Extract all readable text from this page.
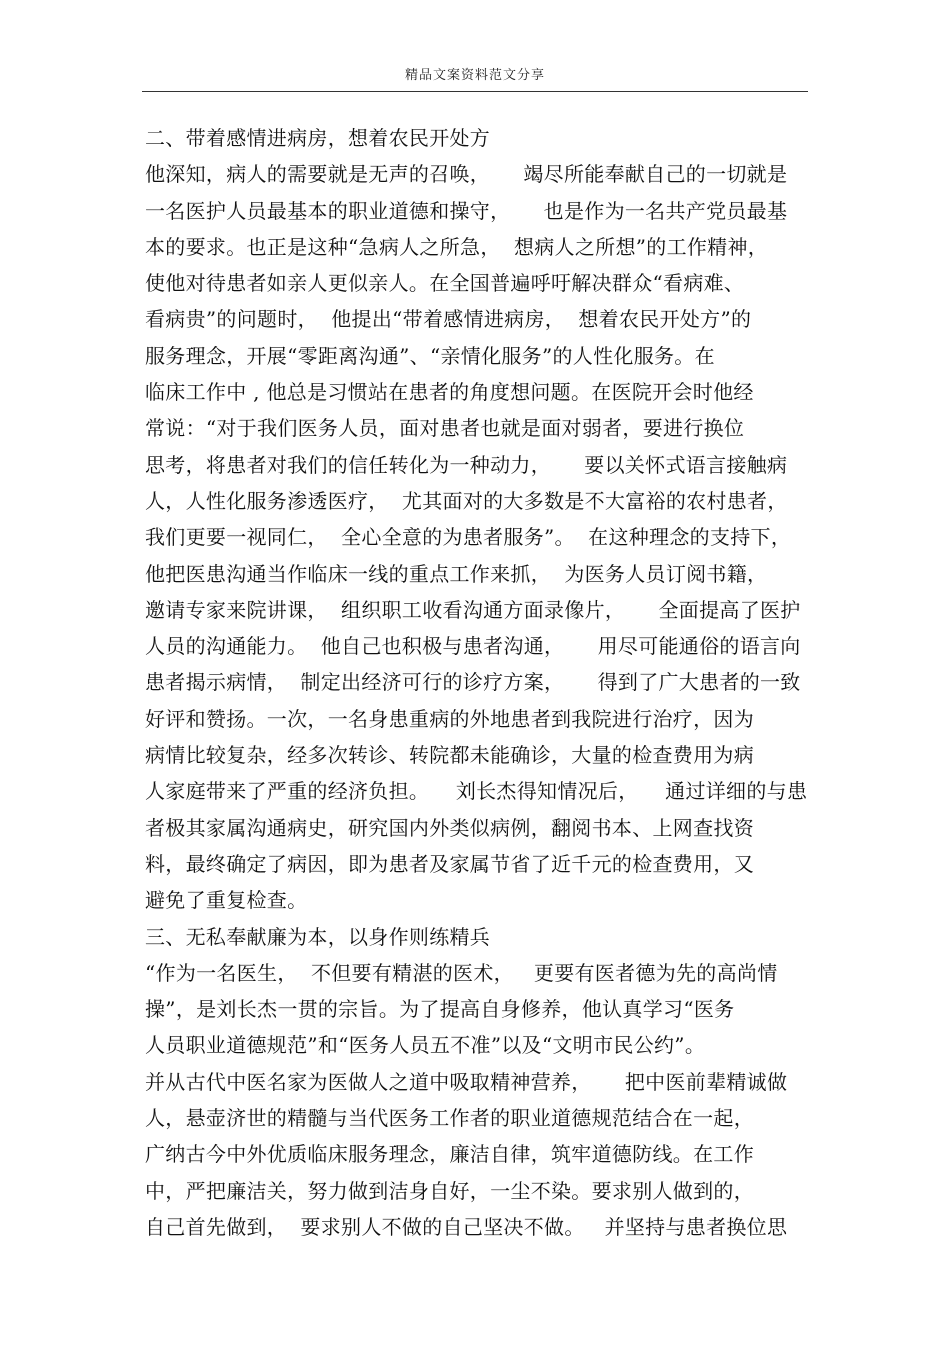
精品文案资料范文分享
二、带着感情进病房，想着农民开处方
他深知，病人的需要就是无声的召唤，     竭尽所能奉献自己的一切就是
一名医护人员最基本的职业道德和操守，     也是作为一名共产党员最基
本的要求。也正是这种“急病人之所急，  想病人之所想”的工作精神，
使他对待患者如亲人更似亲人。在全国普遍呼吁解决群众“看病难、
看病贵”的问题时，  他提出“带着感情进病房，  想着农民开处方”的
服务理念，开展“零距离沟通”、“亲情化服务”的人性化服务。在
临床工作中 , 他总是习惯站在患者的角度想问题。在医院开会时他经
常说：“对于我们医务人员，面对患者也就是面对弱者，要进行换位
思考，将患者对我们的信任转化为一种动力，     要以关怀式语言接触病
人，人性化服务渗透医疗，  尤其面对的大多数是不大富裕的农村患者，
我们更要一视同仁，  全心全意的为患者服务”。  在这种理念的支持下，
他把医患沟通当作临床一线的重点工作来抓，  为医务人员订阅书籍，
邀请专家来院讲课，  组织职工收看沟通方面录像片，     全面提高了医护
人员的沟通能力。  他自己也积极与患者沟通，     用尽可能通俗的语言向
患者揭示病情，  制定出经济可行的诊疗方案，     得到了广大患者的一致
好评和赞扬。一次，一名身患重病的外地患者到我院进行治疗，因为
病情比较复杂，经多次转诊、转院都未能确诊，大量的检查费用为病
人家庭带来了严重的经济负担。    刘长杰得知情况后，    通过详细的与患
者极其家属沟通病史，研究国内外类似病例，翻阅书本、上网查找资
料，最终确定了病因，即为患者及家属节省了近千元的检查费用，又
避免了重复检查。
三、无私奉献廉为本，以身作则练精兵
“作为一名医生，  不但要有精湛的医术，   更要有医者德为先的高尚情
操”，是刘长杰一贯的宗旨。为了提高自身修养，他认真学习“医务
人员职业道德规范”和“医务人员五不准”以及“文明市民公约”。
并从古代中医名家为医做人之道中吸取精神营养，     把中医前辈精诚做
人，悬壶济世的精髓与当代医务工作者的职业道德规范结合在一起，
广纳古今中外优质临床服务理念，廉洁自律，筑牢道德防线。在工作
中，严把廉洁关，努力做到洁身自好，一尘不染。要求别人做到的，
自己首先做到，  要求别人不做的自己坚决不做。   并坚持与患者换位思
